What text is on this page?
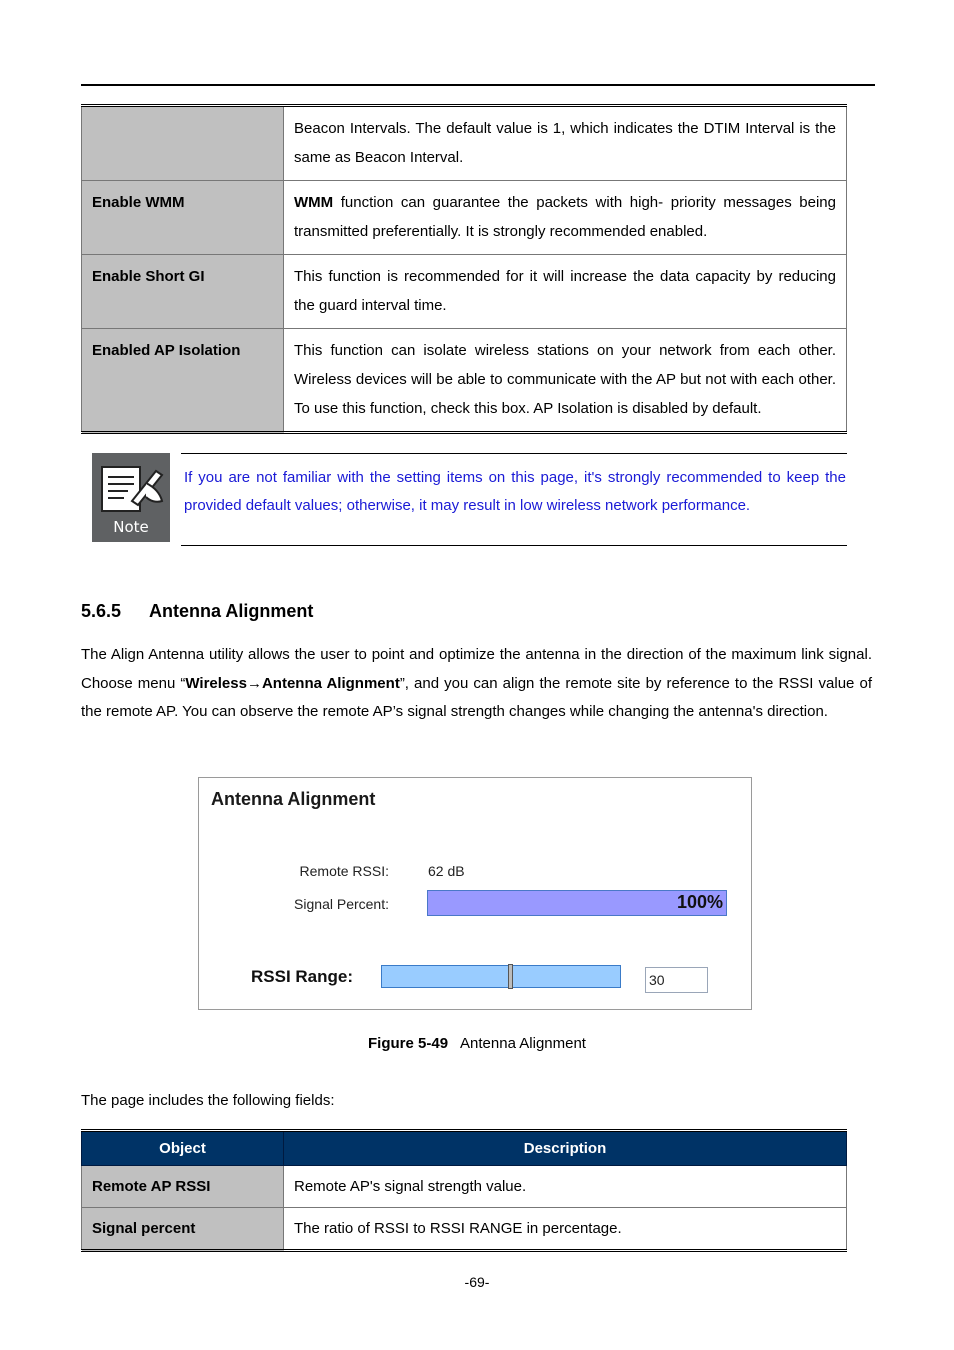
	Beacon Intervals. The default value is 1, which indicates the DTIM Interval is the same as Beacon Interval.
Enable WMM	WMM function can guarantee the packets with high- priority messages being transmitted preferentially. It is strongly recommended enabled.
Enable Short GI	This function is recommended for it will increase the data capacity by reducing the guard interval time.
Enabled AP Isolation	This function can isolate wireless stations on your network from each other. Wireless devices will be able to communicate with the AP but not with each other. To use this function, check this box. AP Isolation is disabled by default.
Note
If you are not familiar with the setting items on this page, it's strongly recommended to keep the provided default values; otherwise, it may result in low wireless network performance.
5.6.5 Antenna Alignment
The Align Antenna utility allows the user to point and optimize the antenna in the direction of the maximum link signal. Choose menu “Wireless→Antenna Alignment”, and you can align the remote site by reference to the RSSI value of the remote AP. You can observe the remote AP’s signal strength changes while changing the antenna's direction.
Antenna Alignment
Remote RSSI:	62 dB
Signal Percent:	100%
RSSI Range:
30
Figure 5-49 Antenna Alignment
The page includes the following fields:
Object	Description
Remote AP RSSI	Remote AP's signal strength value.
Signal percent	The ratio of RSSI to RSSI RANGE in percentage.
-69-
